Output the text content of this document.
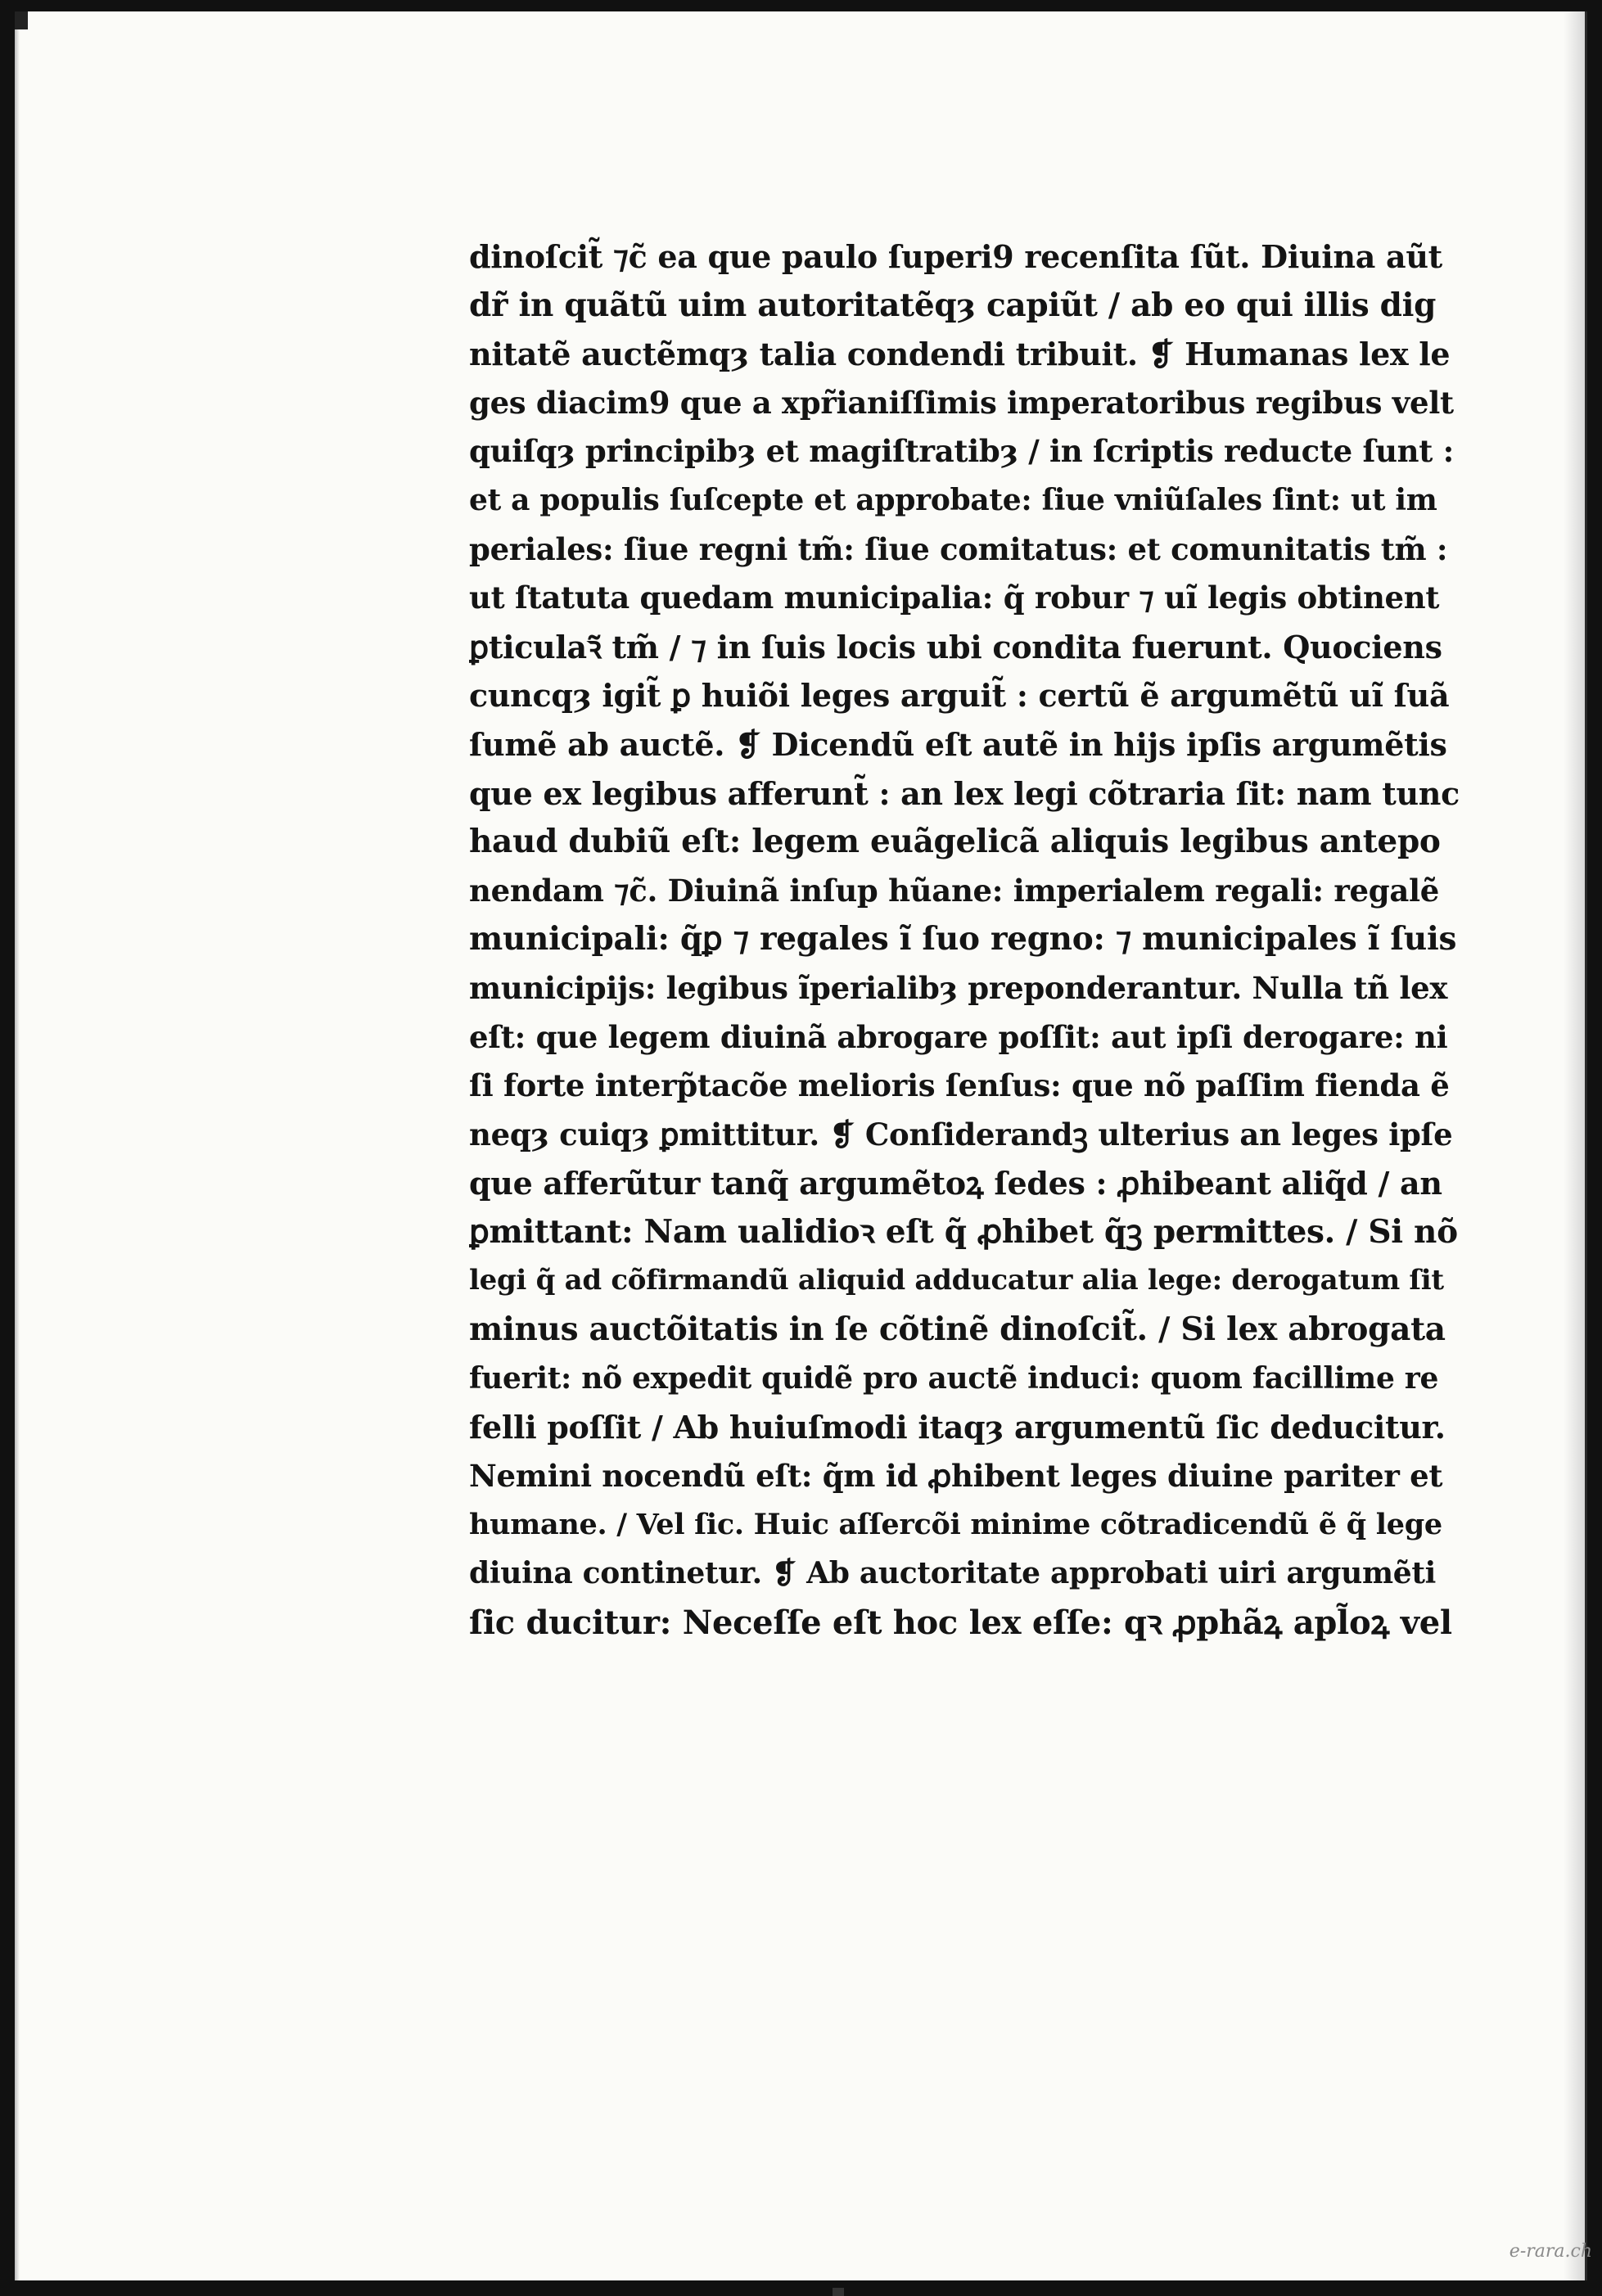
dinoſcit̃ ⁊c̃ ea que paulo ſuperi9 recenſita ſũt. Diuina aũt
dr̃ in quãtũ uim autoritatẽqȝ capiũt / ab eo qui illis dig
nitatẽ auctẽmqȝ talia condendi tribuit. ❡ Humanas lex le
ges diacim9 que a xpr̃ianiſſimis imperatoribus regibus velt
quiſqȝ principibȝ et magiſtratibȝ / in ſcriptis reducte ſunt :
et a populis ſuſcepte et approbate: ſiue vniũſales ſint: ut im
periales: ſiue regni tm̃: ſiue comitatus: et comunitatis tm̃ :
ut ſtatuta quedam municipalia: q̃ robur ⁊ uĩ legis obtinent
ꝑticulaꝛ̃ tm̃ / ⁊ in ſuis locis ubi condita fuerunt. Quociens
cuncqȝ igit̃ ꝑ huiõi leges arguit̃ : certũ ẽ argumẽtũ uĩ ſuã
ſumẽ ab auctẽ. ❡ Dicendũ eſt autẽ in hijs ipſis argumẽtis
que ex legibus afferunt̃ : an lex legi cõtraria ſit: nam tunc
haud dubiũ eſt: legem euãgelicã aliquis legibus antepo
nendam ⁊c̃. Diuinã inſup hũane: imperialem regali: regalẽ
municipali: q̃ꝑ ⁊ regales ĩ ſuo regno: ⁊ municipales ĩ ſuis
municipijs: legibus ĩperialibȝ preponderantur. Nulla tñ lex
eſt: que legem diuinã abrogare poſſit: aut ipſi derogare: ni
ſi forte interp̃tacõe melioris ſenſus: que nõ paſſim fienda ẽ
neqȝ cuiqȝ ꝑmittitur. ❡ Conſiderandꝫ ulterius an leges ipſe
que afferũtur tanq̃ argumẽtoꝝ ſedes : ꝓhibeant aliq̃d / an
ꝑmittant: Nam ualidioꝛ eſt q̃ ꝓhibet q̃ꝫ permittes. / Si nõ
legi q̃ ad cõfirmandũ aliquid adducatur alia lege: derogatum ſit
minus auctõitatis in ſe cõtinẽ dinoſcit̃. / Si lex abrogata
fuerit: nõ expedit quidẽ pro auctẽ induci: quom facillime re
felli poſſit / Ab huiuſmodi itaqȝ argumentũ ſic deducitur.
Nemini nocendũ eſt: q̃m id ꝓhibent leges diuine pariter et
humane. / Vel ſic. Huic aſſercõi minime cõtradicendũ ẽ q̃ lege
diuina continetur. ❡ Ab auctoritate approbati uiri argumẽti
ſic ducitur: Neceſſe eſt hoc lex eſſe: qꝛ ꝓphãꝝ apl̃oꝝ vel
e-rara.ch
